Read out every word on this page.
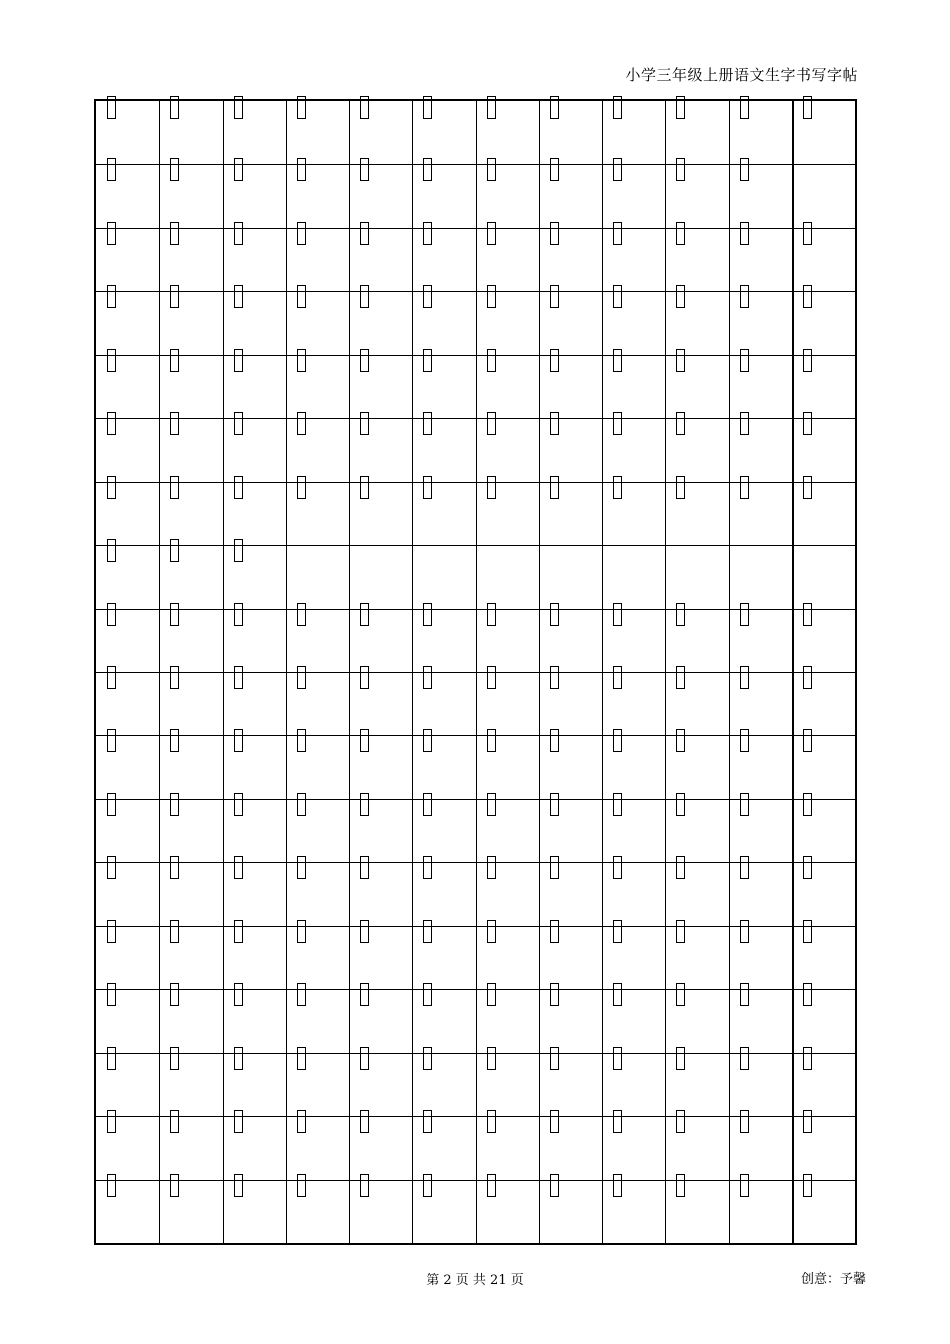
小学三年级上册语文生字书写字帖
第 2 页 共 21 页	创意：予馨
